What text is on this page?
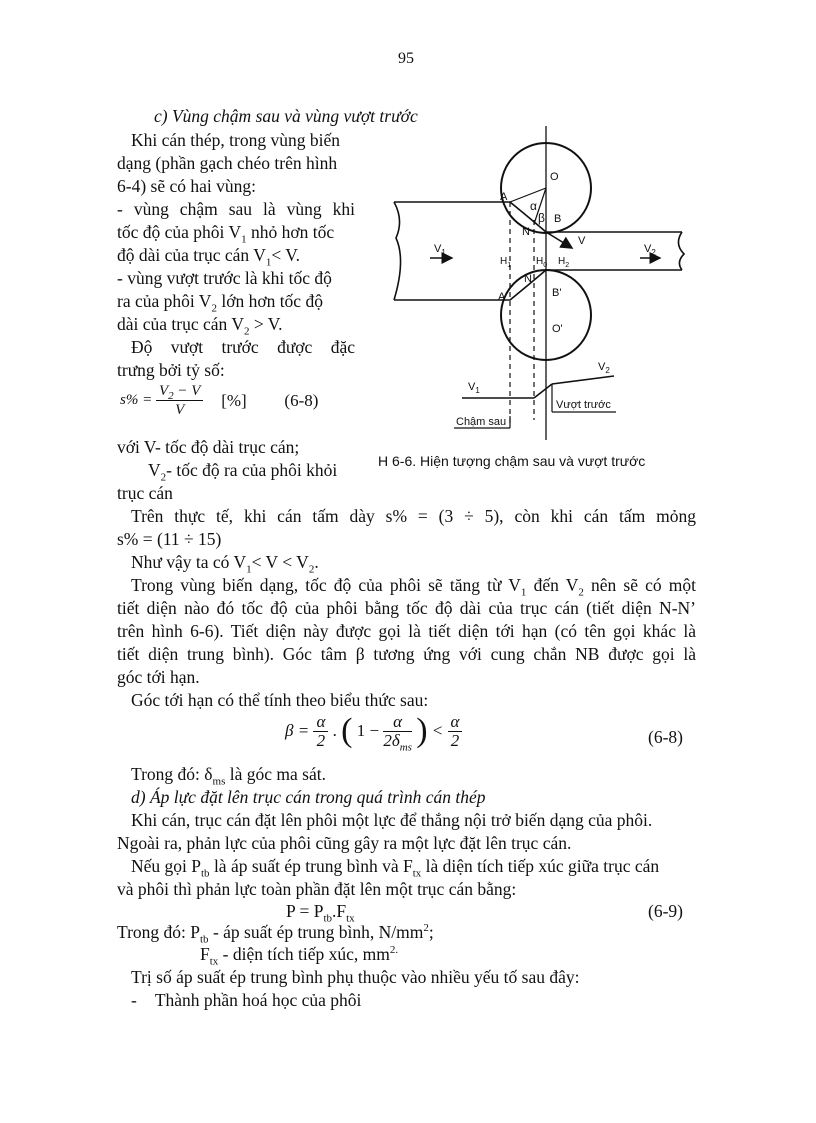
95
c) Vùng chậm sau và vùng vượt trước
Khi cán thép, trong vùng biến
dạng (phần gạch chéo trên hình
6-4) sẽ có hai vùng:
- vùng chậm sau là vùng khi
tốc độ của phôi $V_1$ nhỏ hơn tốc
độ dài của trục cán $V_1< V$.
- vùng vượt trước là khi tốc độ
ra của phôi $V_2$ lớn hơn tốc độ
dài của trục cán $V_2 > V$.
Độ vượt trước được đặc
trưng bởi tỷ số:
$s\% = \frac{V_2 - V}{V}$ [%] (6-8)
với V- tốc độ dài trục cán;
$V_2-$ tốc độ ra của phôi khỏi
trục cán
O
A
α
β B
N
V
$V_1$	$V_2$
$H_1$ $H_0$ $H_2$
N
B'
A'
O'
$V_1$
$V_2$
Chậm sau
Vượt trước
H 6-6. Hiện tượng chậm sau và vượt trước
Trên thực tế, khi cán tấm dày s% = (3 ÷ 5), còn khi cán tấm mỏng
s% = (11 ÷ 15)
Như vậy ta có $V_1< V < V_2$.
Trong vùng biến dạng, tốc độ của phôi sẽ tăng từ $V_1$ đến $V_2$ nên sẽ có một
tiết diện nào đó tốc độ của phôi bằng tốc độ dài của trục cán (tiết diện N-N’
trên hình 6-6). Tiết diện này được gọi là tiết diện tới hạn (có tên gọi khác là
tiết diện trung bình). Góc tâm β tương ứng với cung chắn NB được gọi là
góc tới hạn.
Góc tới hạn có thể tính theo biểu thức sau:
$\beta = \frac{\alpha}{2}$ . ( $1 - \frac{\alpha}{2\delta_{ms}}$ ) < $\frac{\alpha}{2}$	(6-8)
Trong đó: $\delta_{ms}$ là góc ma sát.
d) Áp lực đặt lên trục cán trong quá trình cán thép
Khi cán, trục cán đặt lên phôi một lực để thắng nội trở biến dạng của phôi.
Ngoài ra, phản lực của phôi cũng gây ra một lực đặt lên trục cán.
Nếu gọi $P_{tb}$ là áp suất ép trung bình và $F_{tx}$ là diện tích tiếp xúc giữa trục cán
và phôi thì phản lực toàn phần đặt lên một trục cán bằng:
$P = P_{tb}.F_{tx}$	(6-9)
Trong đó: $P_{tb}$ - áp suất ép trung bình, $N/mm^2$;
$F_{tx}$ - diện tích tiếp xúc, $mm^{2.}$
Trị số áp suất ép trung bình phụ thuộc vào nhiều yếu tố sau đây:
- Thành phần hoá học của phôi
